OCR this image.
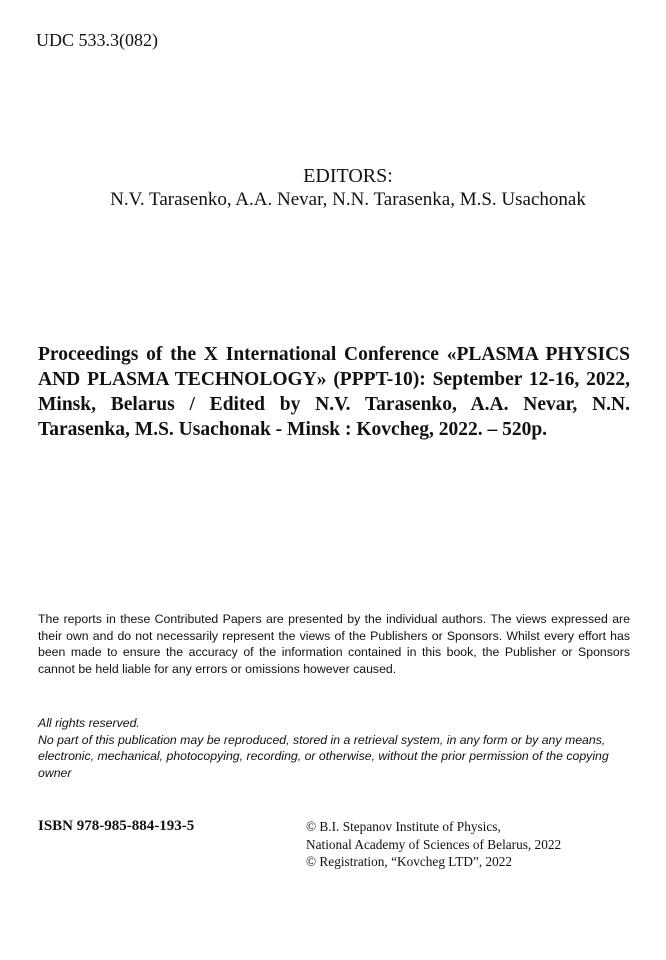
UDC 533.3(082)
EDITORS:
N.V. Tarasenko, A.A. Nevar, N.N. Tarasenka, M.S. Usachonak

Proceedings of the X International Conference «PLASMA PHYSICS AND PLASMA TECHNOLOGY» (PPPT-10): September 12-16, 2022, Minsk, Belarus / Edited by N.V. Tarasenko, A.A. Nevar, N.N. Tarasenka, M.S. Usachonak - Minsk : Kovcheg, 2022. – 520p.

The reports in these Contributed Papers are presented by the individual authors. The views expressed are their own and do not necessarily represent the views of the Publishers or Sponsors. Whilst every effort has been made to ensure the accuracy of the information contained in this book, the Publisher or Sponsors cannot be held liable for any errors or omissions however caused.

All rights reserved.

No part of this publication may be reproduced, stored in a retrieval system, in any form or by any means, electronic, mechanical, photocopying, recording, or otherwise, without the prior permission of the copying owner

ISBN 978-985-884-193-5	© B.I. Stepanov Institute of Physics,
National Academy of Sciences of Belarus, 2022
© Registration, “Kovcheg LTD”, 2022
